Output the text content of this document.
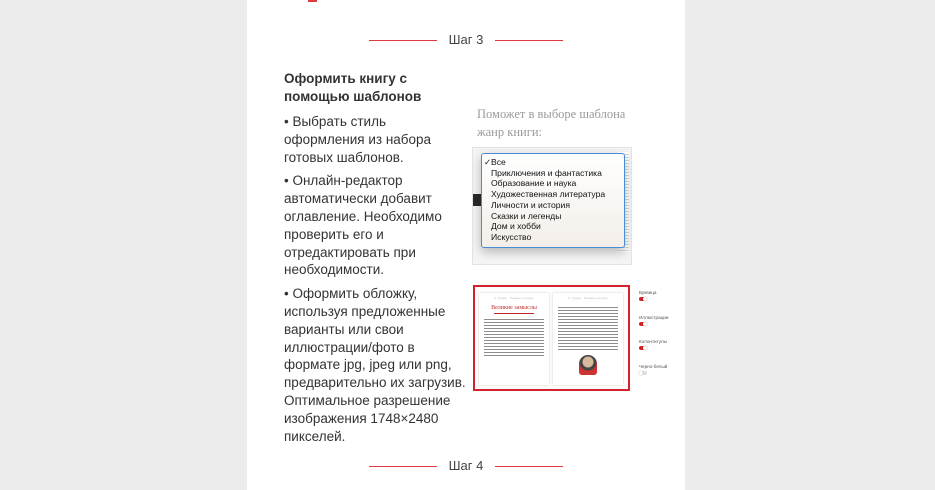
Шаг 3
Оформить книгу с помощью шаблонов

• Выбрать стиль оформления из набора готовых шаблонов.

• Онлайн-редактор автоматически добавит оглавление. Необходимо проверить его и отредактировать при необходимости.

• Оформить обложку, используя предложенные варианты или свои иллюстрации/фото в формате jpg, jpeg или png, предварительно их загрузив. Оптимальное разрешение изображения 1748×2480 пикселей.

Поможет в выборе шаблона жанр книги:
✓ Все
Приключения и фантастика
Образование и наука
Художественная литература
Личности и история
Сказки и легенды
Дом и хобби
Искусство
К. Гудзон · Рыцарь и колдун
Великие замыслы
К. Гудзон · Рыцарь и колдун
Буквица
Иллюстрации
Колонтитулы
Черно-белый
Шаг 4
